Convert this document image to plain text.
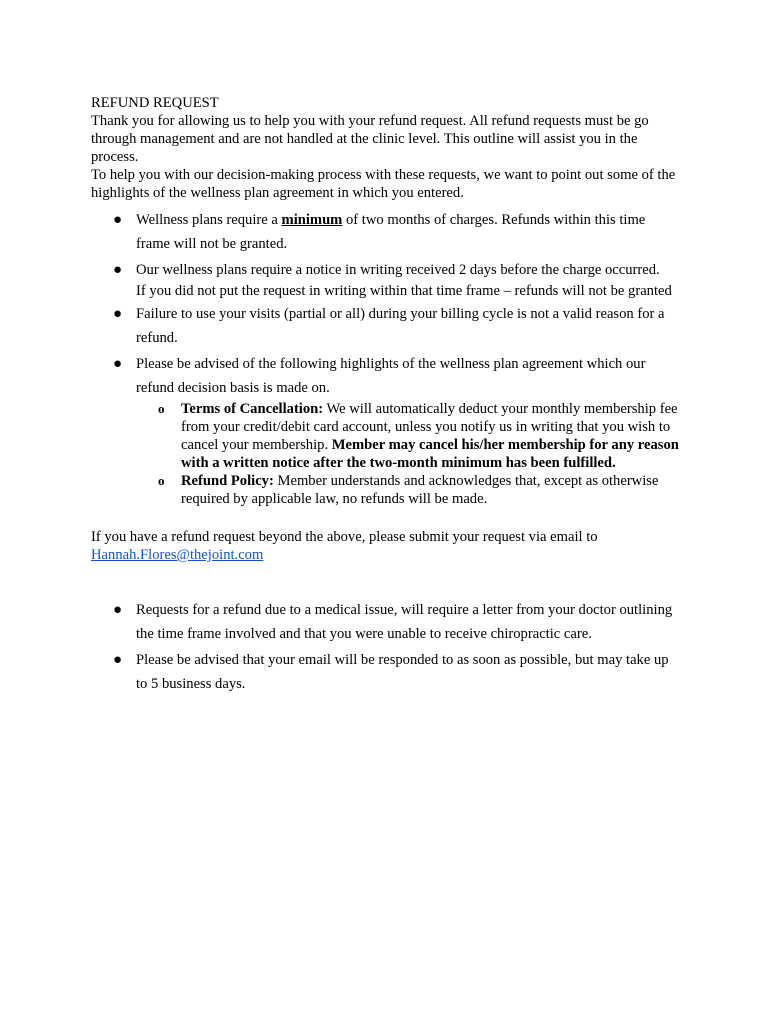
REFUND REQUEST

Thank you for allowing us to help you with your refund request. All refund requests must be go through management and are not handled at the clinic level. This outline will assist you in the process.

To help you with our decision-making process with these requests, we want to point out some of the highlights of the wellness plan agreement in which you entered.

● Wellness plans require a minimum of two months of charges. Refunds within this time frame will not be granted.
● Our wellness plans require a notice in writing received 2 days before the charge occurred.
If you did not put the request in writing within that time frame – refunds will not be granted
● Failure to use your visits (partial or all) during your billing cycle is not a valid reason for a refund.
● Please be advised of the following highlights of the wellness plan agreement which our refund decision basis is made on.
o Terms of Cancellation: We will automatically deduct your monthly membership fee from your credit/debit card account, unless you notify us in writing that you wish to cancel your membership. Member may cancel his/her membership for any reason with a written notice after the two-month minimum has been fulfilled.
o Refund Policy: Member understands and acknowledges that, except as otherwise required by applicable law, no refunds will be made.

If you have a refund request beyond the above, please submit your request via email to
Hannah.Flores@thejoint.com

● Requests for a refund due to a medical issue, will require a letter from your doctor outlining the time frame involved and that you were unable to receive chiropractic care.
● Please be advised that your email will be responded to as soon as possible, but may take up to 5 business days.
